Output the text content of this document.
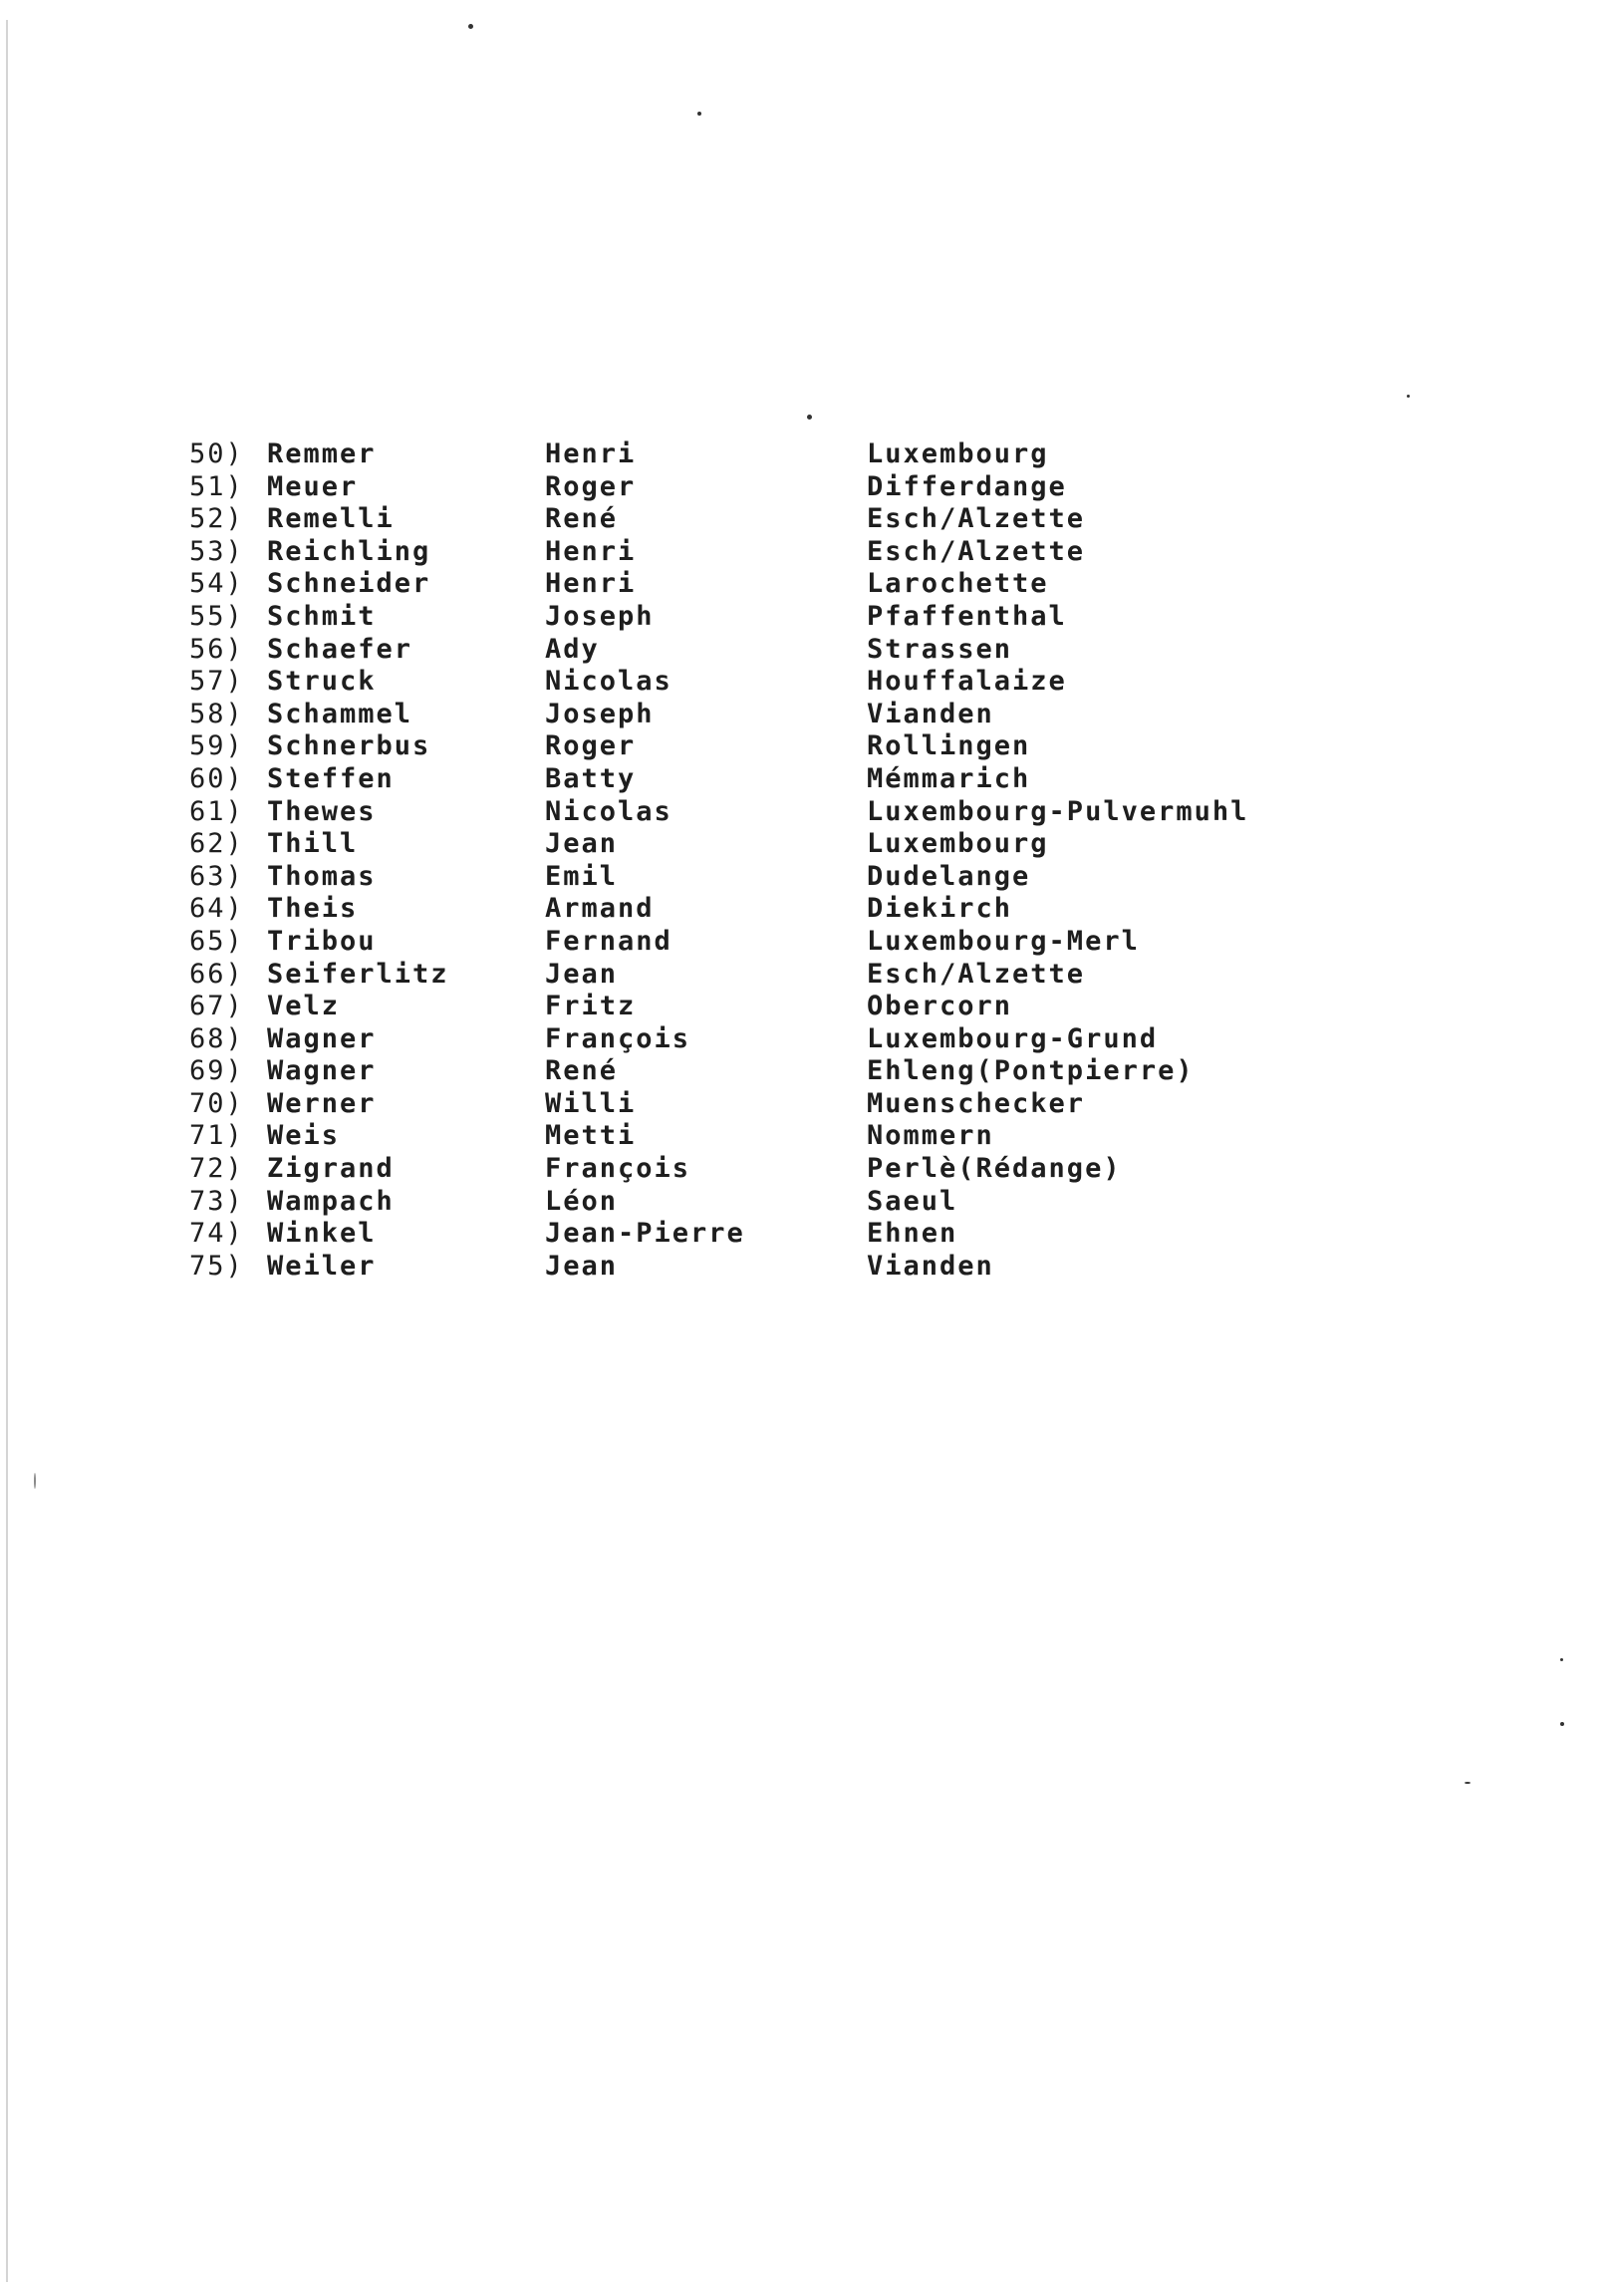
50) Remmer	Henri	Luxembourg
51) Meuer	Roger	Differdange
52) Remelli	René	Esch/Alzette
53) Reichling	Henri	Esch/Alzette
54) Schneider	Henri	Larochette
55) Schmit	Joseph	Pfaffenthal
56) Schaefer	Ady	Strassen
57) Struck	Nicolas	Houffalaize
58) Schammel	Joseph	Vianden
59) Schnerbus	Roger	Rollingen
60) Steffen	Batty	Mémmarich
61) Thewes	Nicolas	Luxembourg-Pulvermuhl
62) Thill	Jean	Luxembourg
63) Thomas	Emil	Dudelange
64) Theis	Armand	Diekirch
65) Tribou	Fernand	Luxembourg-Merl
66) Seiferlitz	Jean	Esch/Alzette
67) Velz	Fritz	Obercorn
68) Wagner	François	Luxembourg-Grund
69) Wagner	René	Ehleng(Pontpierre)
70) Werner	Willi	Muenschecker
71) Weis	Metti	Nommern
72) Zigrand	François	Perlè(Rédange)
73) Wampach	Léon	Saeul
74) Winkel	Jean-Pierre	Ehnen
75) Weiler	Jean	Vianden
